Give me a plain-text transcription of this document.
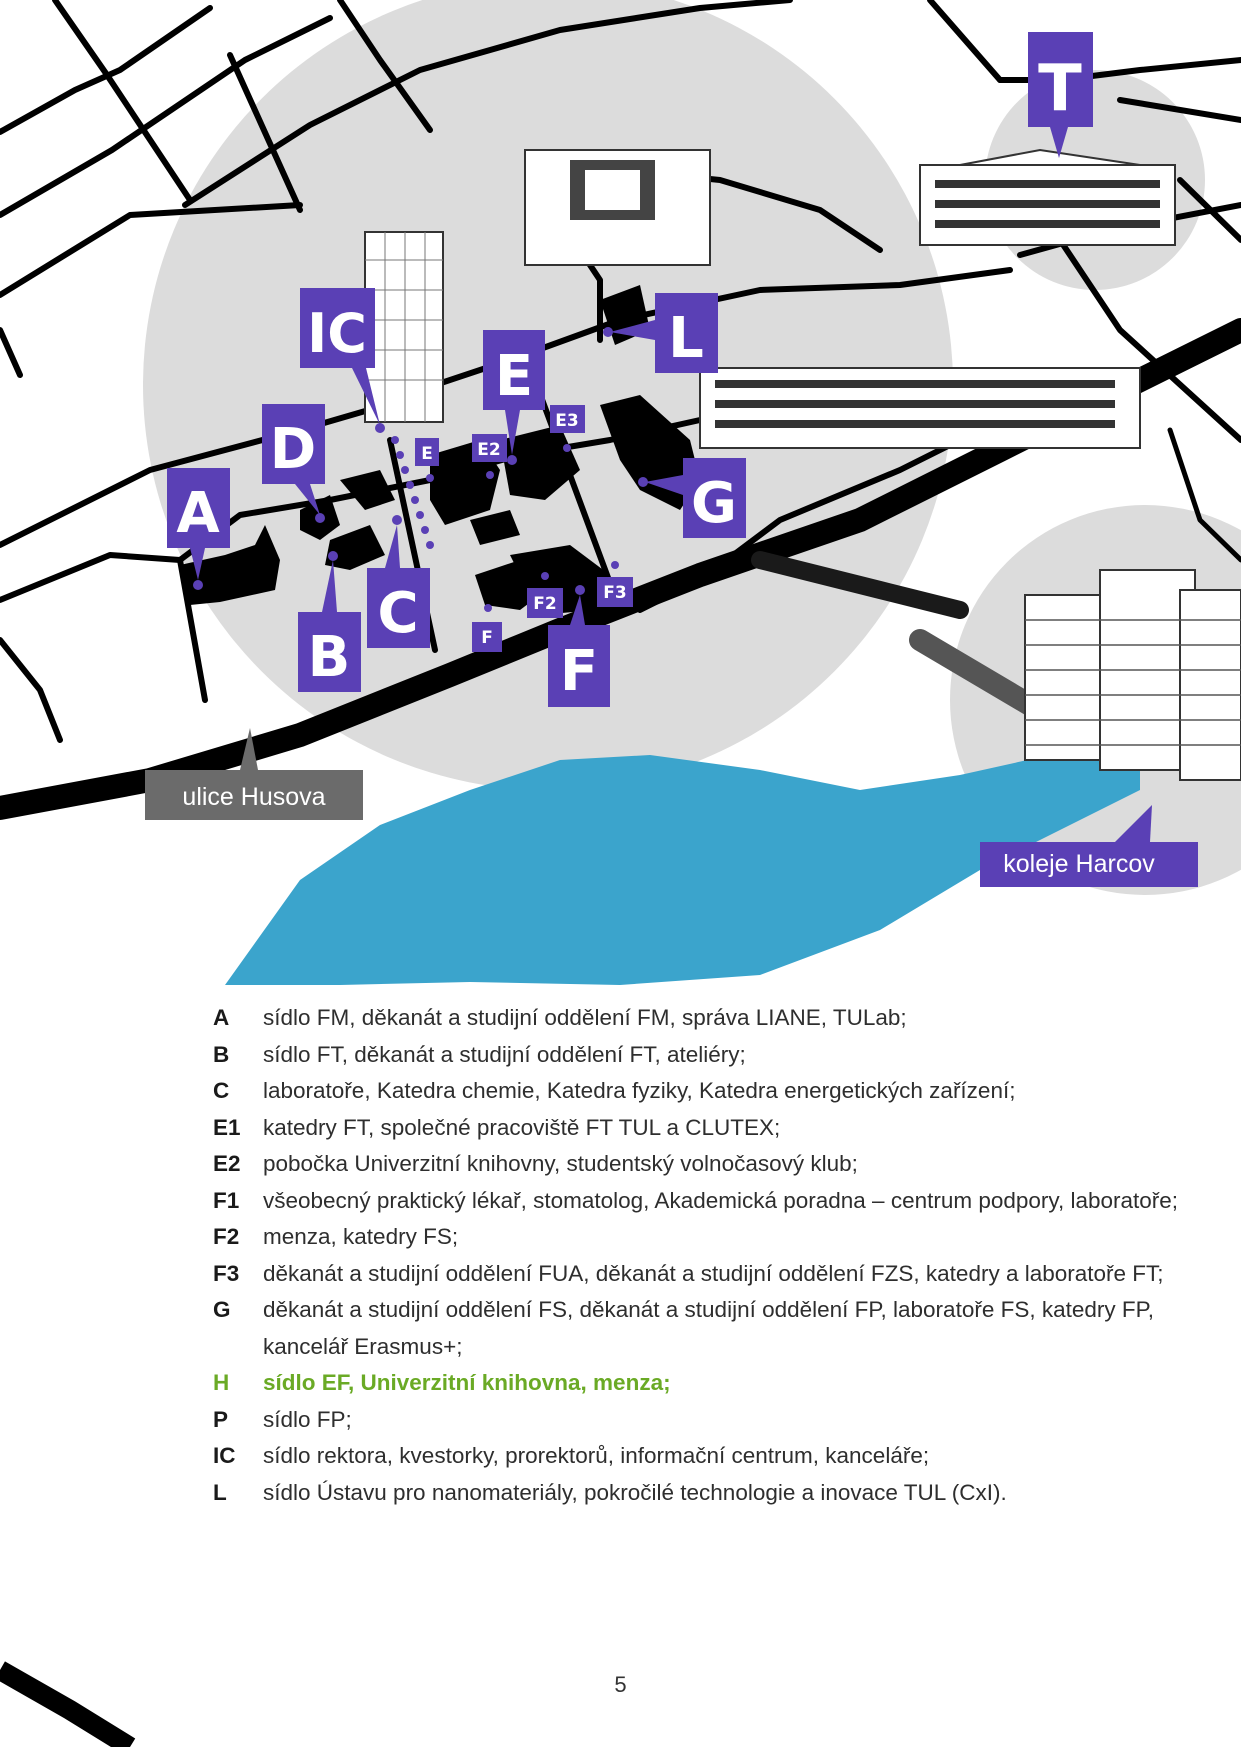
A
D
IC
E
E	E2
E3
L
G
C
B	F
F2
F3
F
T
ulice Husova
koleje Harcov
A	sídlo FM, děkanát a studijní oddělení FM, správa LIANE, TULab;
B	sídlo FT, děkanát a studijní oddělení FT, ateliéry;
C	laboratoře, Katedra chemie, Katedra fyziky, Katedra energetických zařízení;
E1 katedry FT, společné pracoviště FT TUL a CLUTEX;
E2 pobočka Univerzitní knihovny, studentský volnočasový klub;
F1	všeobecný praktický lékař, stomatolog, Akademická poradna – centrum podpory, laboratoře;
F2	menza, katedry FS;
F3	děkanát a studijní oddělení FUA, děkanát a studijní oddělení FZS, katedry a laboratoře FT;
G	děkanát a studijní oddělení FS, děkanát a studijní oddělení FP, laboratoře FS, katedry FP, kancelář Erasmus+;
H	sídlo EF, Univerzitní knihovna, menza;
P	sídlo FP;
IC	sídlo rektora, kvestorky, prorektorů, informační centrum, kanceláře;
L	sídlo Ústavu pro nanomateriály, pokročilé technologie a inovace TUL (CxI).
5
